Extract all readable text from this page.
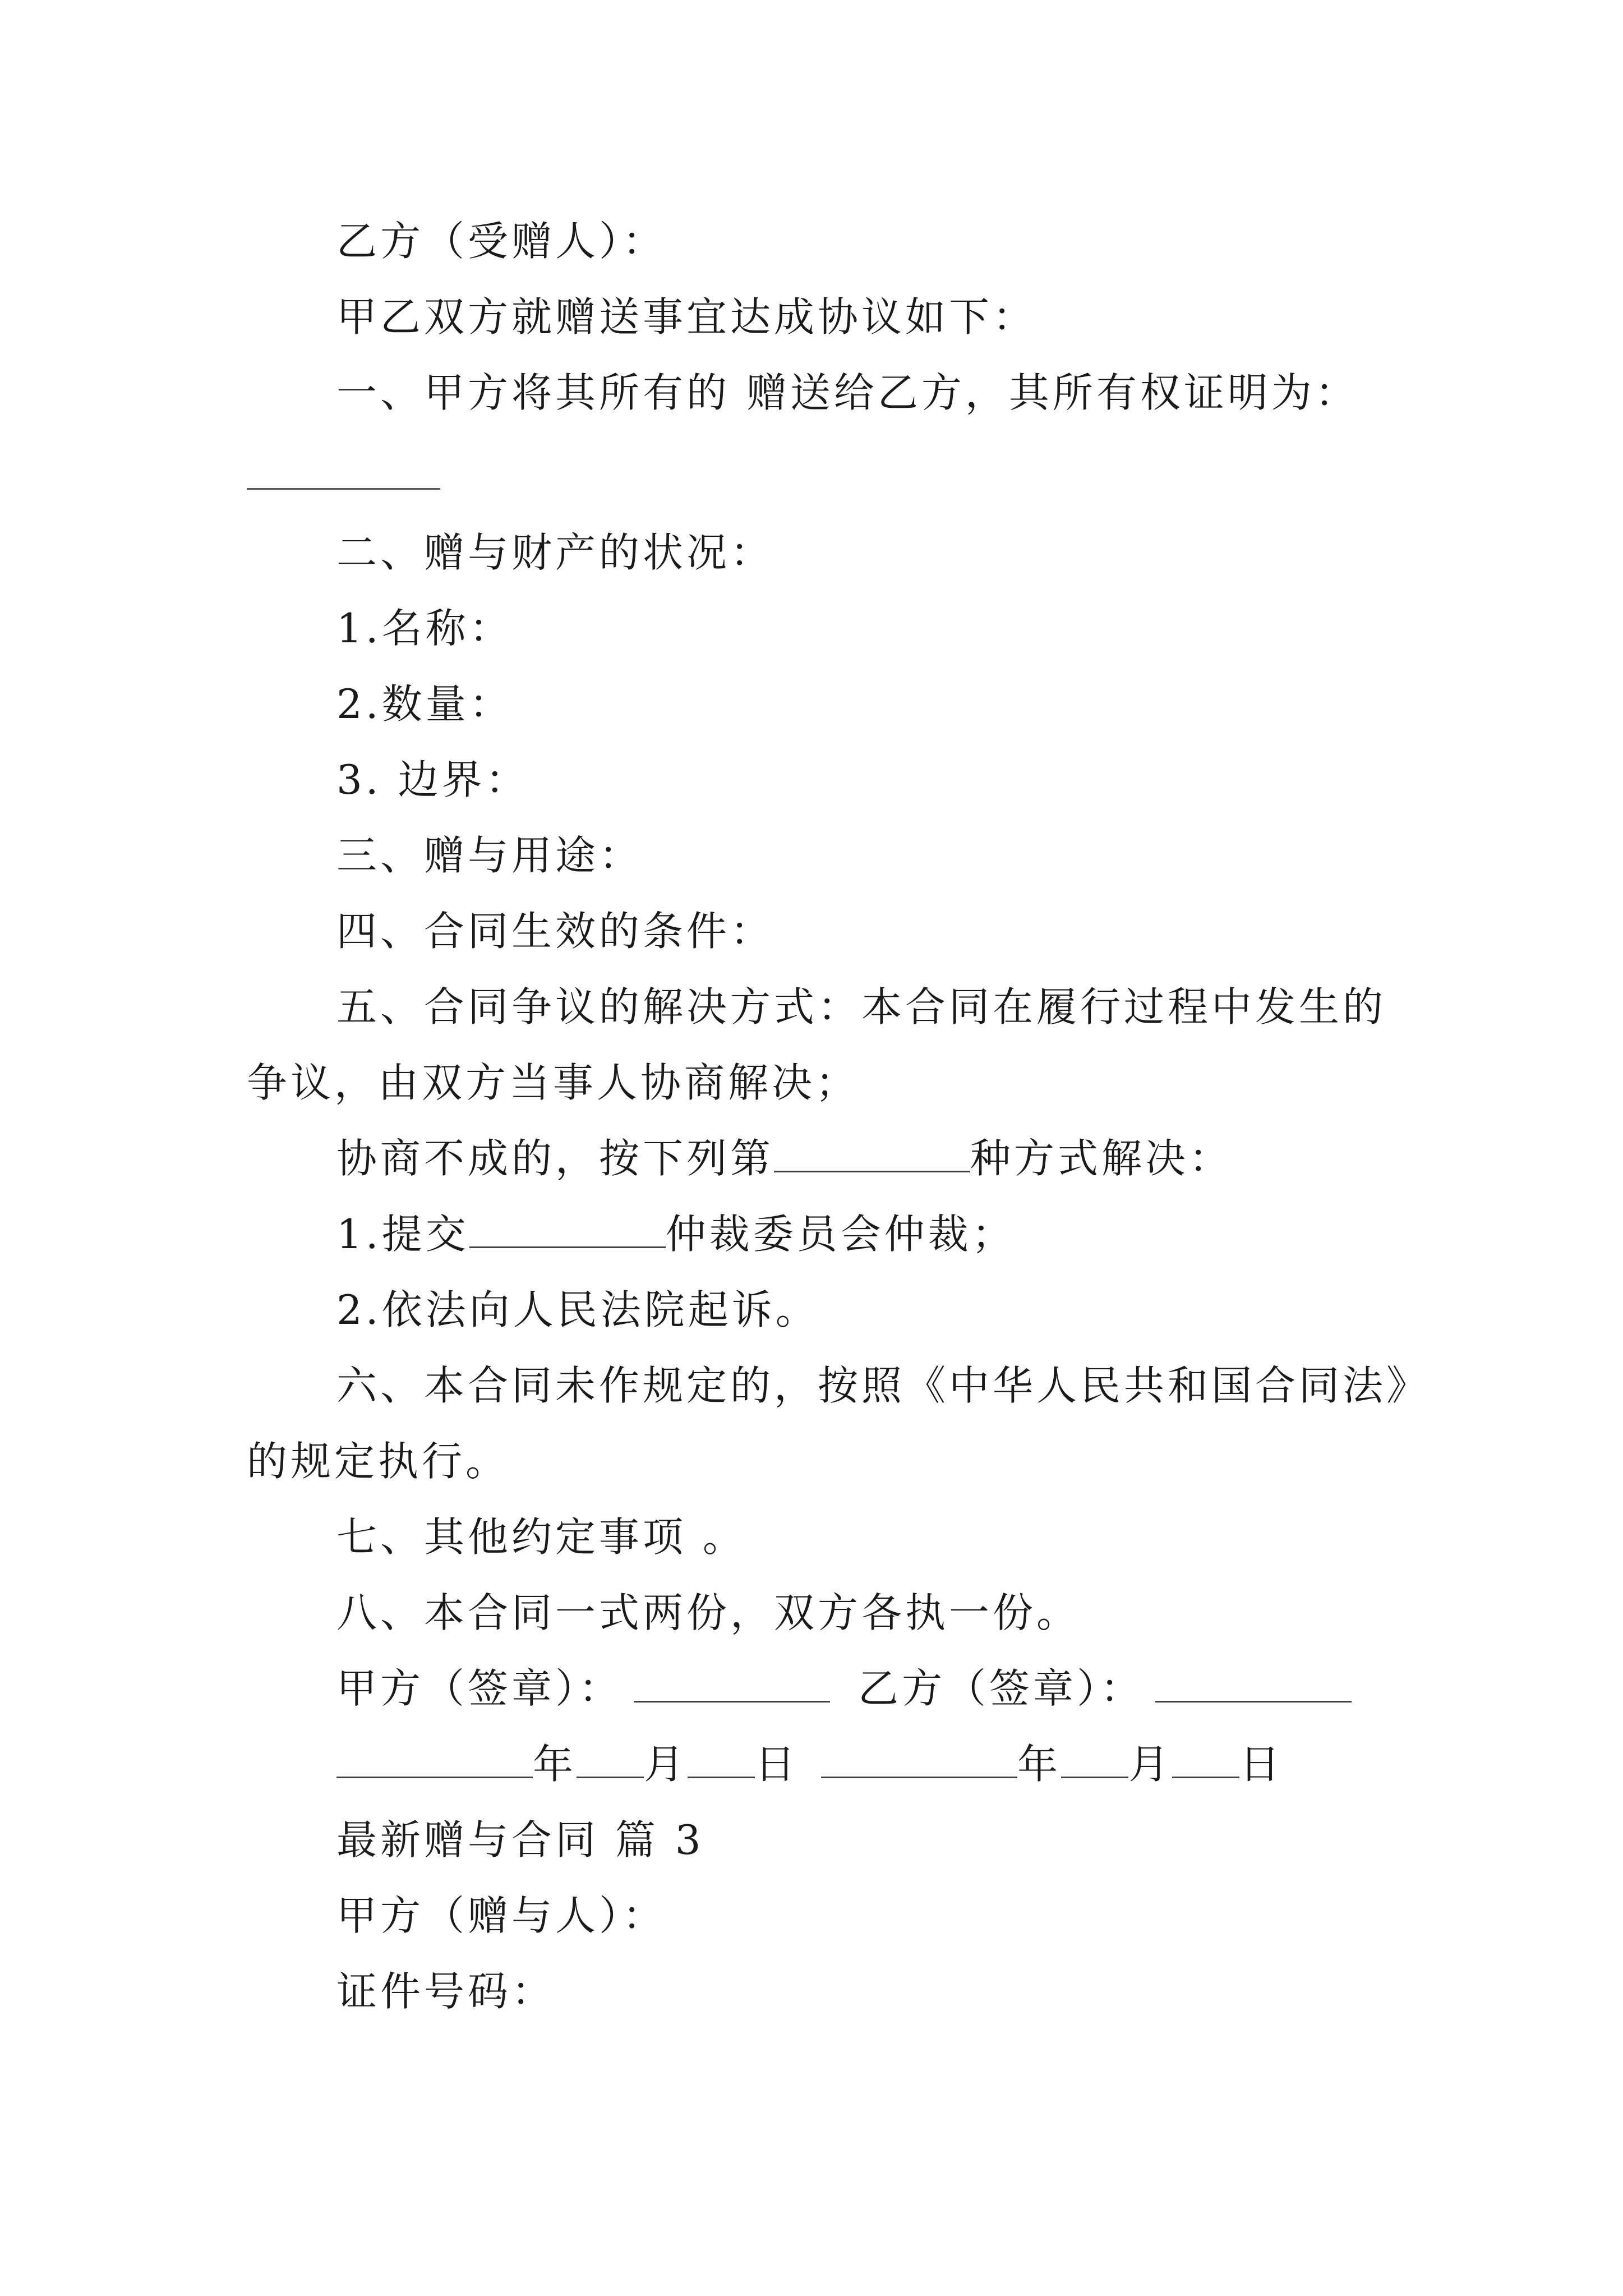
乙方（受赠人）：
甲乙双方就赠送事宜达成协议如下：
一、甲方将其所有的 赠送给乙方，其所有权证明为：
二、赠与财产的状况：
1.名称：
2.数量：
3. 边界：
三、赠与用途：
四、合同生效的条件：
五、合同争议的解决方式：本合同在履行过程中发生的
争议，由双方当事人协商解决；
协商不成的，按下列第	种方式解决：
1.提交	仲裁委员会仲裁；
2.依法向人民法院起诉。
六、本合同未作规定的，按照《中华人民共和国合同法》
的规定执行。
七、其他约定事项 。
八、本合同一式两份，双方各执一份。
甲方（签章）：	乙方（签章）：
年 月 日	年 月 日
最新赠与合同 篇 3
甲方（赠与人）：
证件号码：
